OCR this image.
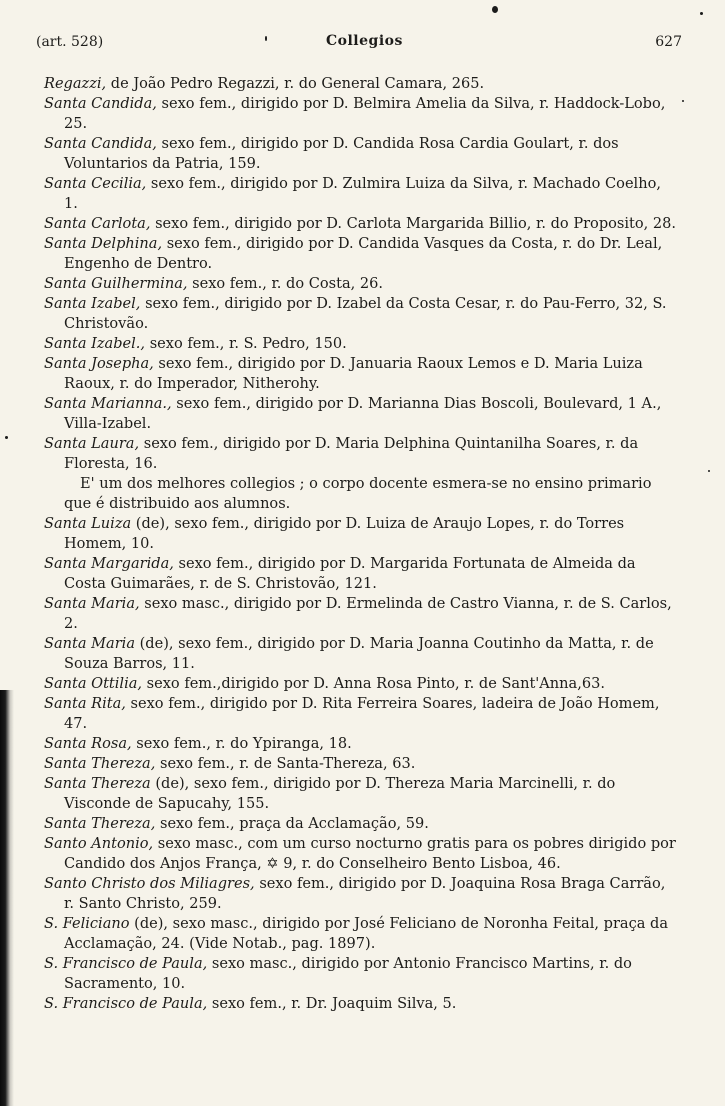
(art. 528)	Collegios	627

Regazzi, de João Pedro Regazzi, r. do General Camara, 265.

Santa Candida, sexo fem., dirigido por D. Belmira Amelia da Silva, r. Haddock-Lobo, 25.

Santa Candida, sexo fem., dirigido por D. Candida Rosa Cardia Goulart, r. dos Voluntarios da Patria, 159.

Santa Cecilia, sexo fem., dirigido por D. Zulmira Luiza da Silva, r. Machado Coelho, 1.

Santa Carlota, sexo fem., dirigido por D. Carlota Margarida Billio, r. do Proposito, 28.

Santa Delphina, sexo fem., dirigido por D. Candida Vasques da Costa, r. do Dr. Leal, Engenho de Dentro.

Santa Guilhermina, sexo fem., r. do Costa, 26.

Santa Izabel, sexo fem., dirigido por D. Izabel da Costa Cesar, r. do Pau-Ferro, 32, S. Christovão.

Santa Izabel., sexo fem., r. S. Pedro, 150.

Santa Josepha, sexo fem., dirigido por D. Januaria Raoux Lemos e D. Maria Luiza Raoux, r. do Imperador, Nitherohy.

Santa Marianna., sexo fem., dirigido por D. Marianna Dias Boscoli, Boulevard, 1 A., Villa-Izabel.

Santa Laura, sexo fem., dirigido por D. Maria Delphina Quintanilha Soares, r. da Floresta, 16.

E' um dos melhores collegios ; o corpo docente esmera-se no ensino primario que é distribuido aos alumnos.

Santa Luiza (de), sexo fem., dirigido por D. Luiza de Araujo Lopes, r. do Torres Homem, 10.

Santa Margarida, sexo fem., dirigido por D. Margarida Fortunata de Almeida da Costa Guimarães, r. de S. Christovão, 121.

Santa Maria, sexo masc., dirigido por D. Ermelinda de Castro Vianna, r. de S. Carlos, 2.

Santa Maria (de), sexo fem., dirigido por D. Maria Joanna Coutinho da Matta, r. de Souza Barros, 11.

Santa Ottilia, sexo fem.,dirigido por D. Anna Rosa Pinto, r. de Sant'Anna,63.

Santa Rita, sexo fem., dirigido por D. Rita Ferreira Soares, ladeira de João Homem, 47.

Santa Rosa, sexo fem., r. do Ypiranga, 18.

Santa Thereza, sexo fem., r. de Santa-Thereza, 63.

Santa Thereza (de), sexo fem., dirigido por D. Thereza Maria Marcinelli, r. do Visconde de Sapucahy, 155.

Santa Thereza, sexo fem., praça da Acclamação, 59.

Santo Antonio, sexo masc., com um curso nocturno gratis para os pobres dirigido por Candido dos Anjos França, ✡ 9, r. do Conselheiro Bento Lisboa, 46.

Santo Christo dos Miliagres, sexo fem., dirigido por D. Joaquina Rosa Braga Carrão, r. Santo Christo, 259.

S. Feliciano (de), sexo masc., dirigido por José Feliciano de Noronha Feital, praça da Acclamação, 24. (Vide Notab., pag. 1897).

S. Francisco de Paula, sexo masc., dirigido por Antonio Francisco Martins, r. do Sacramento, 10.

S. Francisco de Paula, sexo fem., r. Dr. Joaquim Silva, 5.
